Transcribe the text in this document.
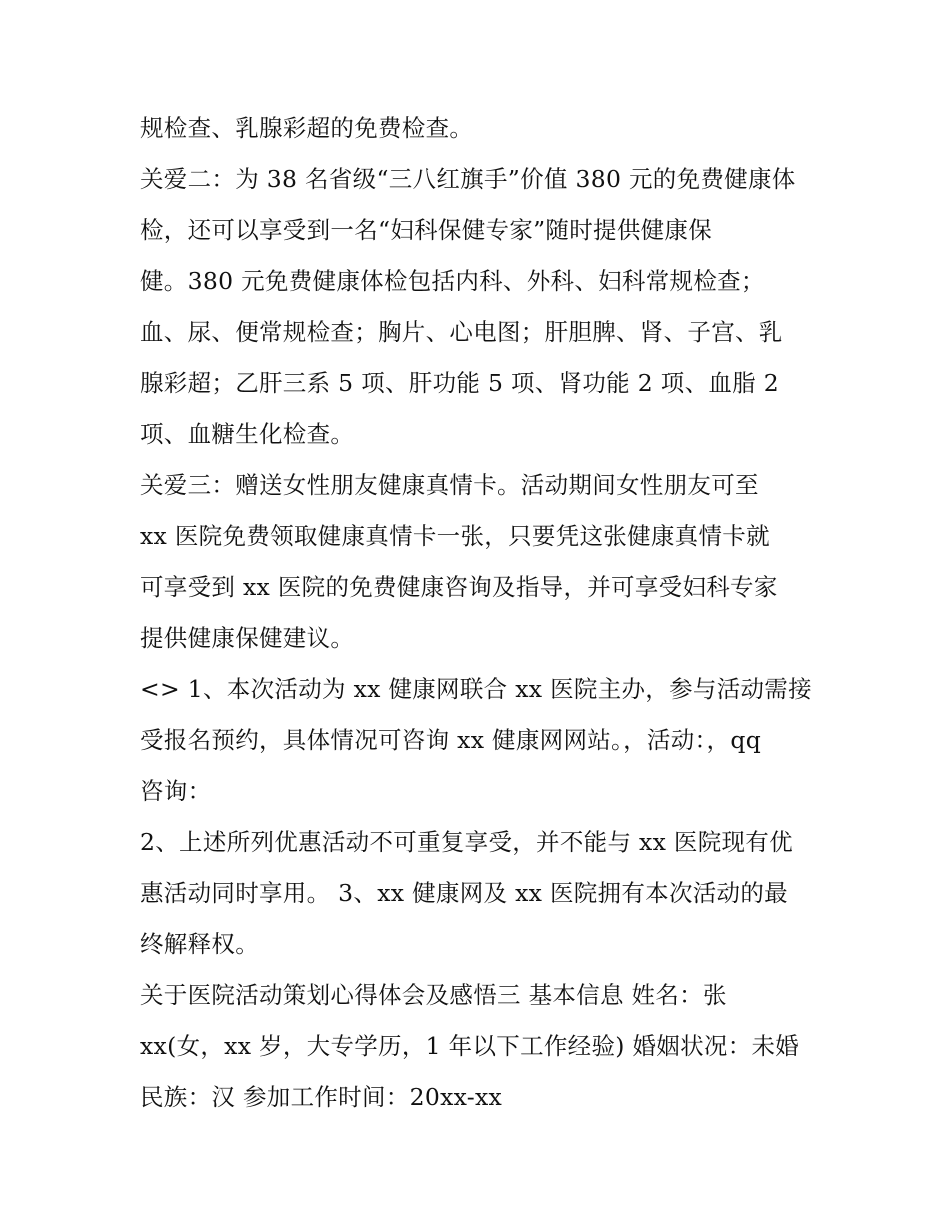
规检查、乳腺彩超的免费检查。
关爱二：为 38 名省级“三八红旗手”价值 380 元的免费健康体
检，还可以享受到一名“妇科保健专家”随时提供健康保
健。380 元免费健康体检包括内科、外科、妇科常规检查；
血、尿、便常规检查；胸片、心电图；肝胆脾、肾、子宫、乳
腺彩超；乙肝三系 5 项、肝功能 5 项、肾功能 2 项、血脂 2
项、血糖生化检查。
关爱三：赠送女性朋友健康真情卡。活动期间女性朋友可至
xx 医院免费领取健康真情卡一张，只要凭这张健康真情卡就
可享受到 xx 医院的免费健康咨询及指导，并可享受妇科专家
提供健康保健建议。
<> 1、本次活动为 xx 健康网联合 xx 医院主办，参与活动需接
受报名预约，具体情况可咨询 xx 健康网网站。，活动：，qq
咨询：
2、上述所列优惠活动不可重复享受，并不能与 xx 医院现有优
惠活动同时享用。 3、xx 健康网及 xx 医院拥有本次活动的最
终解释权。
关于医院活动策划心得体会及感悟三 基本信息 姓名：张
xx(女，xx 岁，大专学历，1 年以下工作经验) 婚姻状况：未婚
民族：汉 参加工作时间：20xx-xx
